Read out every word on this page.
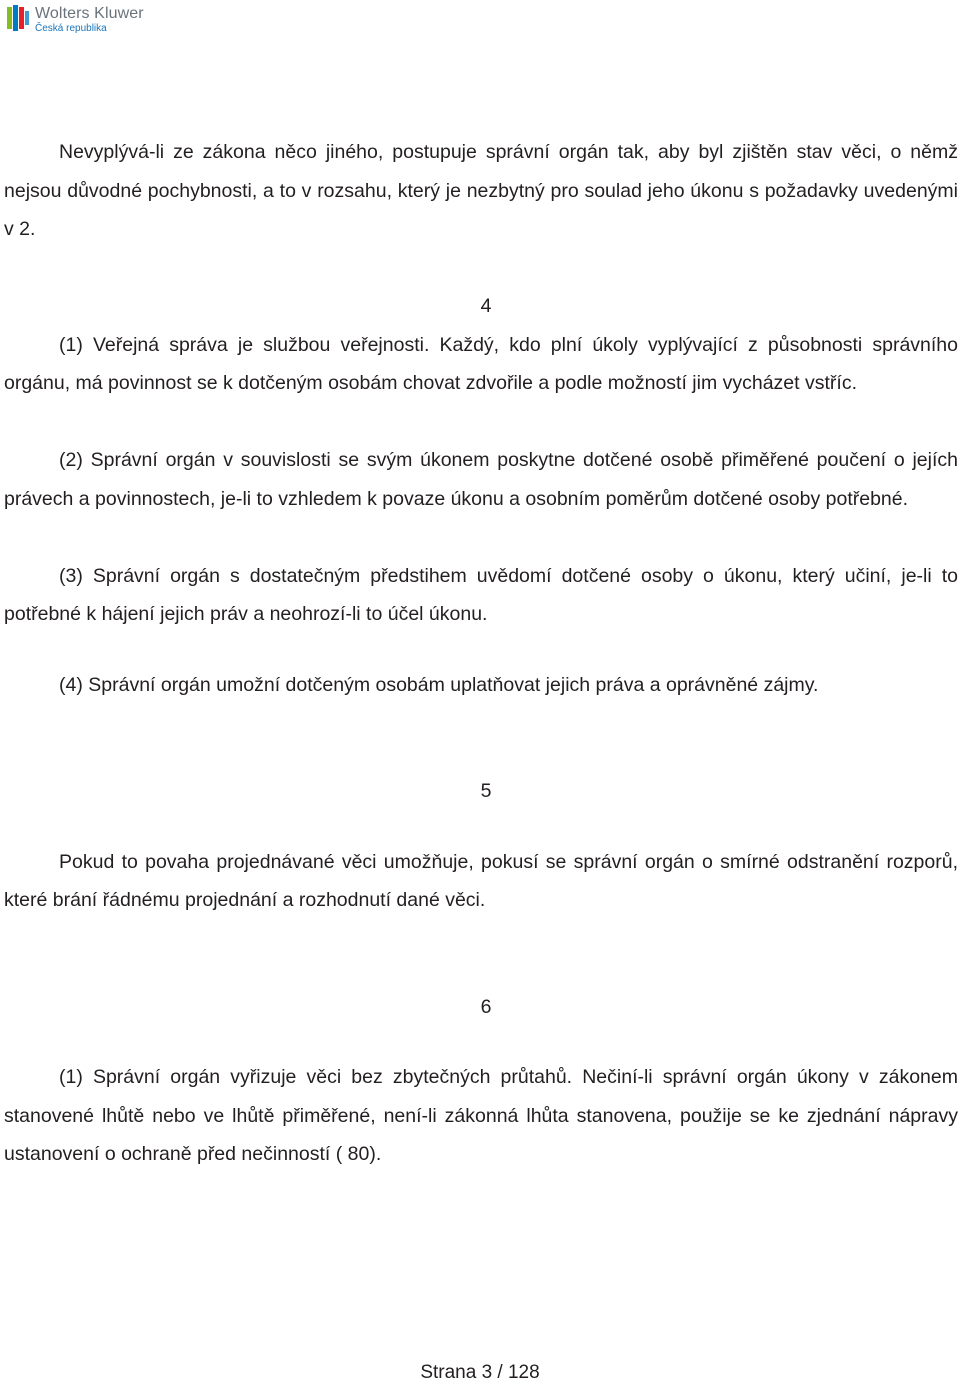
Wolters Kluwer
Česká republika

Nevyplývá-li ze zákona něco jiného, postupuje správní orgán tak, aby byl zjištěn stav věci, o němž nejsou důvodné pochybnosti, a to v rozsahu, který je nezbytný pro soulad jeho úkonu s požadavky uvedenými v 2.

4

(1) Veřejná správa je službou veřejnosti. Každý, kdo plní úkoly vyplývající z působnosti správního orgánu, má povinnost se k dotčeným osobám chovat zdvořile a podle možností jim vycházet vstříc.

(2) Správní orgán v souvislosti se svým úkonem poskytne dotčené osobě přiměřené poučení o jejích právech a povinnostech, je-li to vzhledem k povaze úkonu a osobním poměrům dotčené osoby potřebné.

(3) Správní orgán s dostatečným předstihem uvědomí dotčené osoby o úkonu, který učiní, je-li to potřebné k hájení jejich práv a neohrozí-li to účel úkonu.

(4) Správní orgán umožní dotčeným osobám uplatňovat jejich práva a oprávněné zájmy.

5

Pokud to povaha projednávané věci umožňuje, pokusí se správní orgán o smírné odstranění rozporů, které brání řádnému projednání a rozhodnutí dané věci.

6

(1) Správní orgán vyřizuje věci bez zbytečných průtahů. Nečiní-li správní orgán úkony v zákonem stanovené lhůtě nebo ve lhůtě přiměřené, není-li zákonná lhůta stanovena, použije se ke zjednání nápravy ustanovení o ochraně před nečinností ( 80).

Strana 3 / 128
